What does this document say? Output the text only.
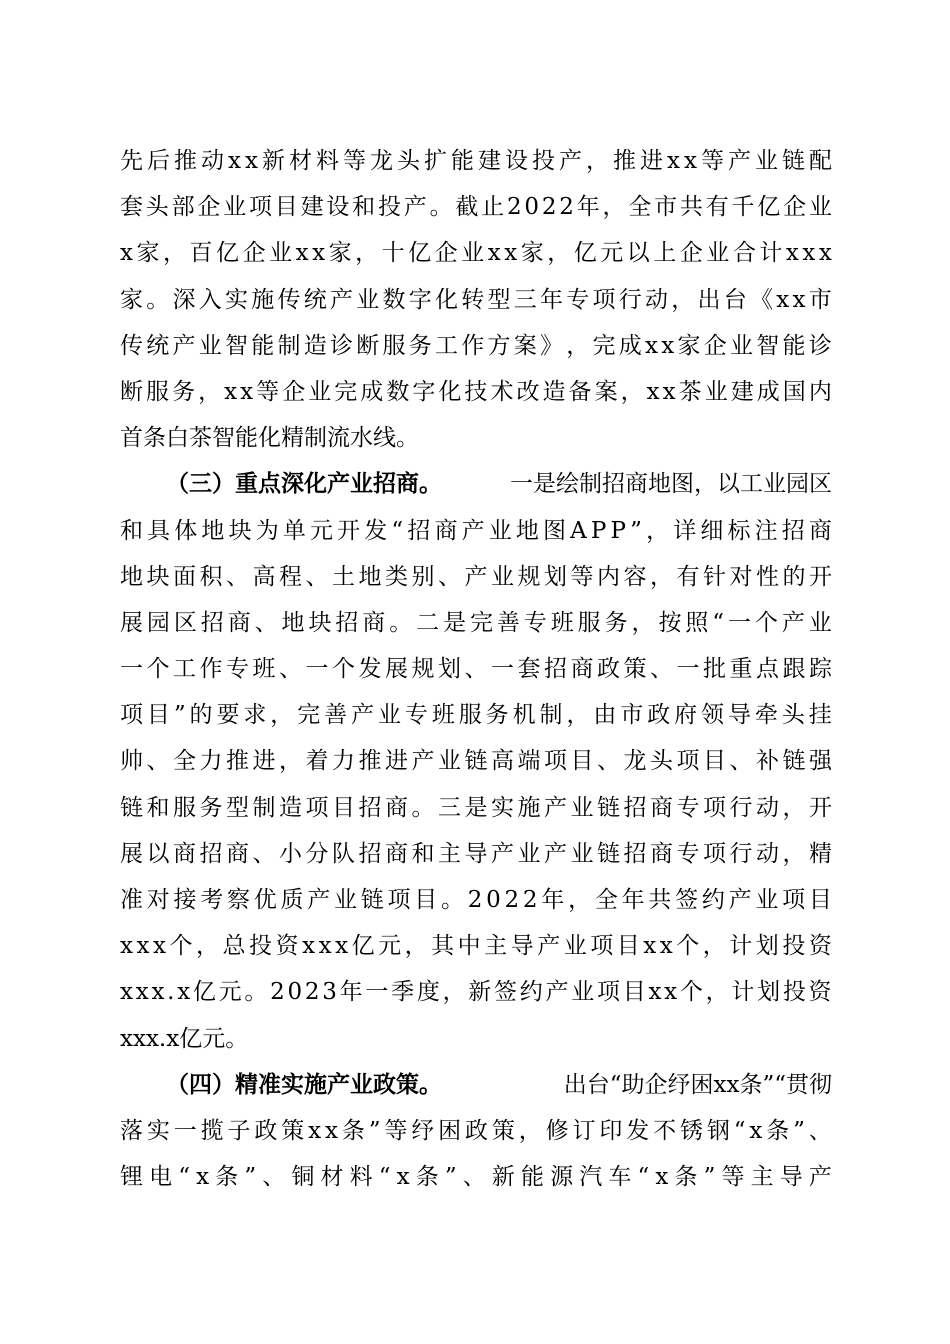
先 后 推 动 x x 新 材 料 等 龙 头 扩 能 建 设 投 产 ， 推 进 x x 等 产 业 链 配
套 头 部 企 业 项 目 建 设 和 投 产 。 截 止 2 0 2 2 年 ， 全 市 共 有 千 亿 企 业
x 家 ， 百 亿 企 业 x x 家 ， 十 亿 企 业 x x 家 ， 亿 元 以 上 企 业 合 计 x x x
家 。 深 入 实 施 传 统 产 业 数 字 化 转 型 三 年 专 项 行 动 ， 出 台 《 x x 市
传 统 产 业 智 能 制 造 诊 断 服 务 工 作 方 案 》 ， 完 成 x x 家 企 业 智 能 诊
断 服 务 ， x x 等 企 业 完 成 数 字 化 技 术 改 造 备 案 ， x x 茶 业 建 成 国 内
首条白茶智能化精制流水线。
（三）重点深化产业招商。	一是绘制招商地图，以工业园区
和 具 体 地 块 为 单 元 开 发 “ 招 商 产 业 地 图 A P P ” ， 详 细 标 注 招 商
地 块 面 积 、 高 程 、 土 地 类 别 、 产 业 规 划 等 内 容 ， 有 针 对 性 的 开
展 园 区 招 商 、 地 块 招 商 。 二 是 完 善 专 班 服 务 ， 按 照 “ 一 个 产 业
一 个 工 作 专 班 、 一 个 发 展 规 划 、 一 套 招 商 政 策 、 一 批 重 点 跟 踪
项 目 ” 的 要 求 ， 完 善 产 业 专 班 服 务 机 制 ， 由 市 政 府 领 导 牵 头 挂
帅 、 全 力 推 进 ， 着 力 推 进 产 业 链 高 端 项 目 、 龙 头 项 目 、 补 链 强
链 和 服 务 型 制 造 项 目 招 商 。 三 是 实 施 产 业 链 招 商 专 项 行 动 ， 开
展 以 商 招 商 、 小 分 队 招 商 和 主 导 产 业 产 业 链 招 商 专 项 行 动 ， 精
准 对 接 考 察 优 质 产 业 链 项 目 。 2 0 2 2 年 ， 全 年 共 签 约 产 业 项 目
x x x 个 ， 总 投 资 x x x 亿 元 ， 其 中 主 导 产 业 项 目 x x 个 ， 计 划 投 资
x x x . x 亿 元 。 2 0 2 3 年 一 季 度 ， 新 签 约 产 业 项 目 x x 个 ， 计 划 投 资
xxx.x亿元。
（四）精准实施产业政策。	出台“助企纾困xx条”“贯彻
落 实 一 揽 子 政 策 x x 条 ” 等 纾 困 政 策 ， 修 订 印 发 不 锈 钢 “ x 条 ” 、
锂 电 “ x 条 ” 、 铜 材 料 “ x 条 ” 、 新 能 源 汽 车 “ x 条 ” 等 主 导 产
